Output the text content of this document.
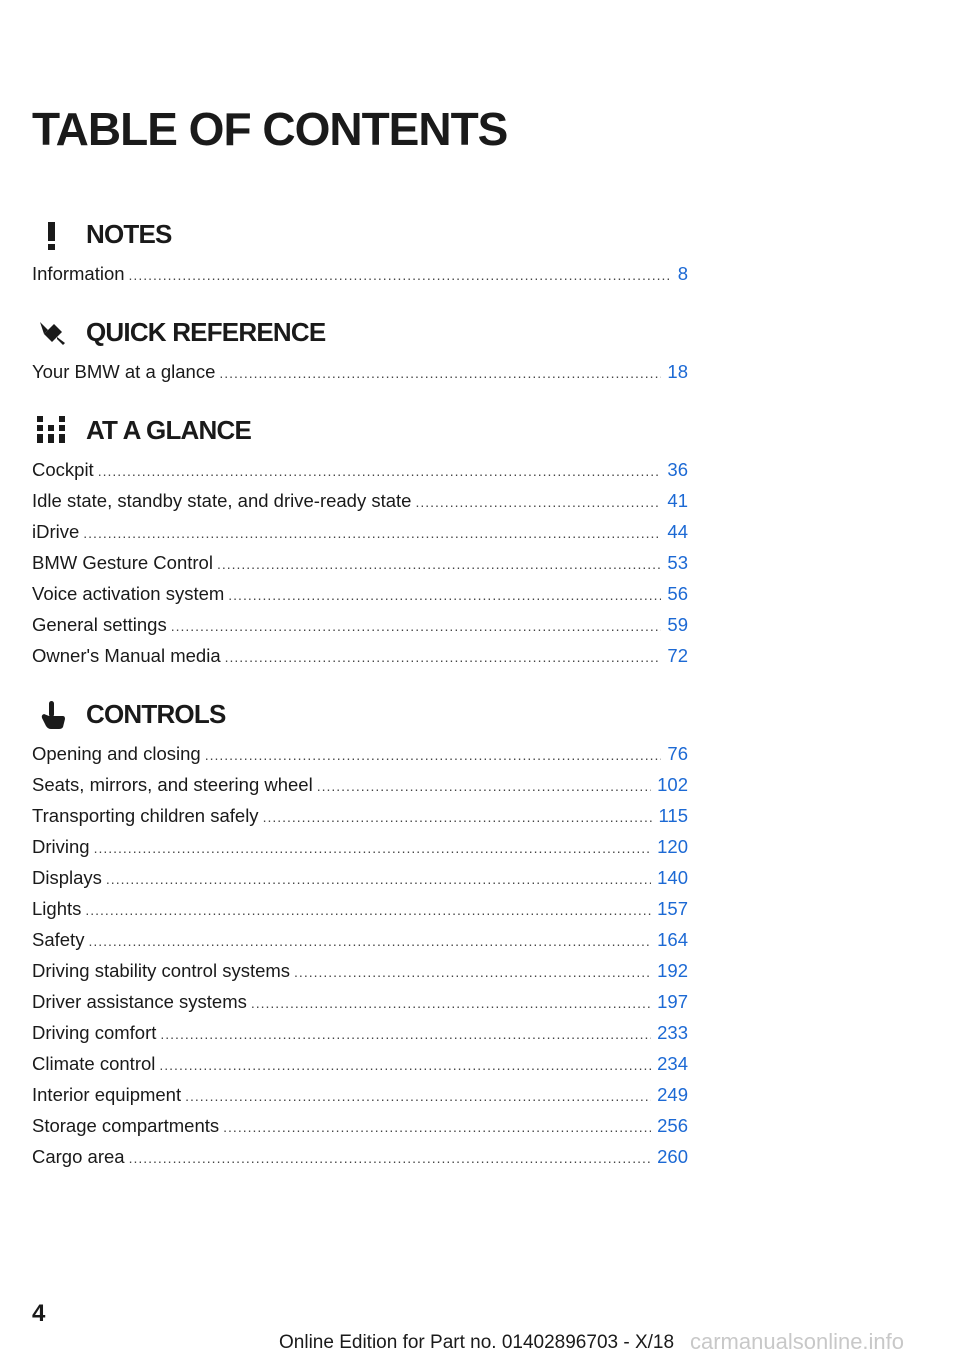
TABLE OF CONTENTS
NOTES
Information .....	8
QUICK REFERENCE
Your BMW at a glance .....	18
AT A GLANCE
Cockpit .....	36
Idle state, standby state, and drive-ready state .....	41
iDrive .....	44
BMW Gesture Control .....	53
Voice activation system .....	56
General settings .....	59
Owner's Manual media .....	72
CONTROLS
Opening and closing .....	76
Seats, mirrors, and steering wheel .....	102
Transporting children safely .....	115
Driving .....	120
Displays .....	140
Lights .....	157
Safety .....	164
Driving stability control systems .....	192
Driver assistance systems .....	197
Driving comfort .....	233
Climate control .....	234
Interior equipment .....	249
Storage compartments .....	256
Cargo area .....	260
4
Online Edition for Part no. 01402896703 - X/18 carmanualsonline.info
